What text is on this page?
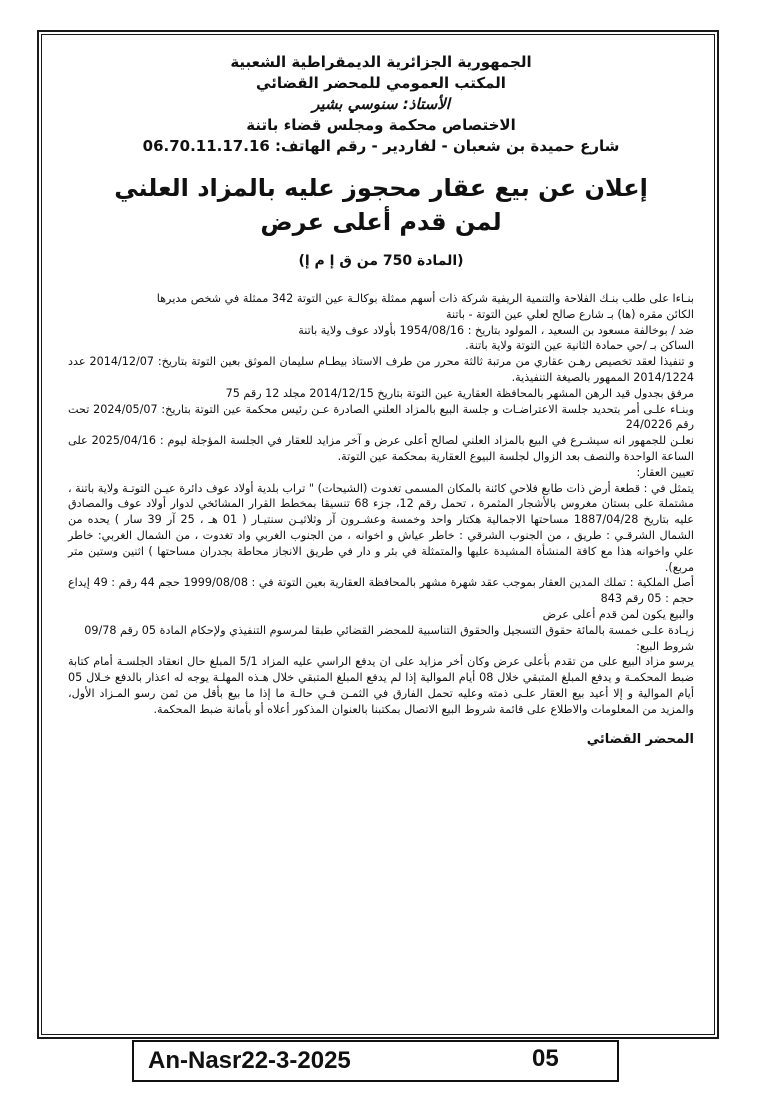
الجمهورية الجزائرية الديمقراطية الشعبية
المكتب العمومي للمحضر القضائي
الأستاذ: سنوسي بشير
الاختصاص محكمة ومجلس قضاء باتنة
شارع حميدة بن شعبان - لفاردير - رقم الهاتف: 06.70.11.17.16
إعلان عن بيع عقار محجوز عليه بالمزاد العلني
لمن قدم أعلى عرض
(المادة 750 من ق إ م إ)

بنـاءا على طلب بنـك الفلاحة والتنمية الريفية شركة ذات أسهم ممثلة بوكالـة عين التوتة 342 ممثلة في شخص مديرها

الكائن مقره (ها) بـ شارع صالح لعلي عين التوتة - باتنة

ضد / بوخالفة مسعود بن السعيد ، المولود بتاريخ : 1954/08/16 بأولاد عوف ولاية باتنة

الساكن بـ /حي حمادة الثانية عين التوتة ولاية باتنة.

و تنفيذا لعقد تخصيص رهـن عقاري من مرتبة ثالثة محرر من طرف الاستاذ بيطـام سليمان الموثق بعين التوتة بتاريخ: 2014/12/07 عدد 2014/1224 الممهور بالصيغة التنفيذية.

مرفق بجدول قيد الرهن المشهر بالمحافظة العقارية عين التوتة بتاريخ 2014/12/15 مجلد 12 رقم 75

وبنـاء علـى أمر بتحديد جلسة الاعتراضـات و جلسة البيع بالمزاد العلني الصادرة عـن رئيس محكمة عين التوتة بتاريخ: 2024/05/07 تحت رقم 24/0226

نعلـن للجمهور انه سيشـرع في البيع بالمزاد العلني لصالح أعلى عرض و آخر مزايد للعقار في الجلسة المؤجلة ليوم : 2025/04/16 على الساعة الواحدة والنصف بعد الزوال لجلسة البيوع العقارية بمحكمة عين التوتة.

تعيين العقار:

يتمثل في : قطعة أرض ذات طابع فلاحي كائنة بالمكان المسمى تغدوت (الشيحات) " تراب بلدية أولاد عوف دائرة عيـن التوتـة ولاية باتنة ، مشتملة على بستان مغروس بالأشجار المثمرة ، تحمل رقم 12، جزء 68 تنسيقا بمخطط القرار المشائخي لدوار أولاد عوف والمصادق عليه بتاريخ 1887/04/28 مساحتها الاجمالية هكتار واحد وخمسة وعشـرون آر وثلاثيـن سنتيـار ( 01 هـ ، 25 آر 39 سار ) يحده من الشمال الشرقـي : طريق ، من الجنوب الشرقي : خاطر عياش و اخوانه ، من الجنوب الغربي واد تغدوت ، من الشمال الغربي: خاطر علي واخوانه هذا مع كافة المنشأة المشيدة عليها والمتمثلة في بئر و دار في طريق الانجاز محاطة بجدران مساحتها ) اثنين وستين متر مربع).

أصل الملكية : تملك المدين العقار بموجب عقد شهرة مشهر بالمحافظة العقارية بعين التوتة في : 1999/08/08 حجم 44 رقم : 49 إيداع حجم : 05 رقم 843

والبيع يكون لمن قدم أعلى عرض

زيـادة علـى خمسة بالمائة حقوق التسجيل والحقوق التناسبية للمحضر القضائي طبقا لمرسوم التنفيذي ولإحكام المادة 05 رقم 09/78

شروط البيع:

يرسو مزاد البيع على من تقدم بأعلى عرض وكان أخر مزايد على ان يدفع الراسي عليه المزاد 5/1 المبلغ حال انعقاد الجلسـة أمام كتابة ضبط المحكمـة و يدفع المبلغ المتبقي خلال 08 أيام الموالية إذا لم يدفع المبلغ المتبقي خلال هـذه المهلـة يوجه له اعذار بالدفع خـلال 05 أيام الموالية و إلا أعيد بيع العقار علـى ذمته وعليه تحمل الفارق في الثمـن فـي حالـة ما إذا ما بيع بأقل من ثمن رسو المـزاد الأول، والمزيد من المعلومات والاطلاع على قائمة شروط البيع الاتصال بمكتبنا بالعنوان المذكور أعلاه أو بأمانة ضبط المحكمة.

المحضر القضائي
An-Nasr22-3-2025	05
